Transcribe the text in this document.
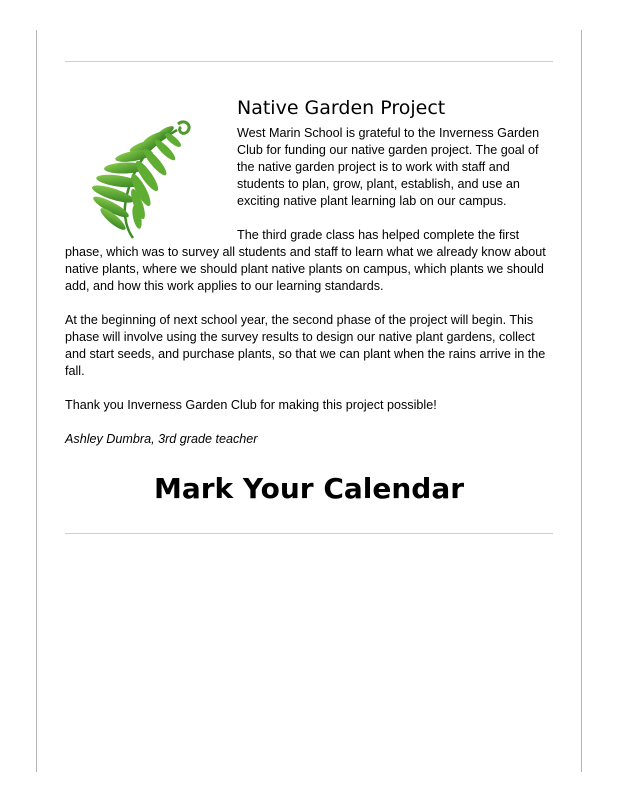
Native Garden Project

West Marin School is grateful to the Inverness Garden Club for funding our native garden project. The goal of the native garden project is to work with staff and students to plan, grow, plant, establish, and use an exciting native plant learning lab on our campus.

The third grade class has helped complete the first phase, which was to survey all students and staff to learn what we already know about native plants, where we should plant native plants on campus, which plants we should add, and how this work applies to our learning standards.

At the beginning of next school year, the second phase of the project will begin. This phase will involve using the survey results to design our native plant gardens, collect and start seeds, and purchase plants, so that we can plant when the rains arrive in the fall.

Thank you Inverness Garden Club for making this project possible!

Ashley Dumbra, 3rd grade teacher

Mark Your Calendar
